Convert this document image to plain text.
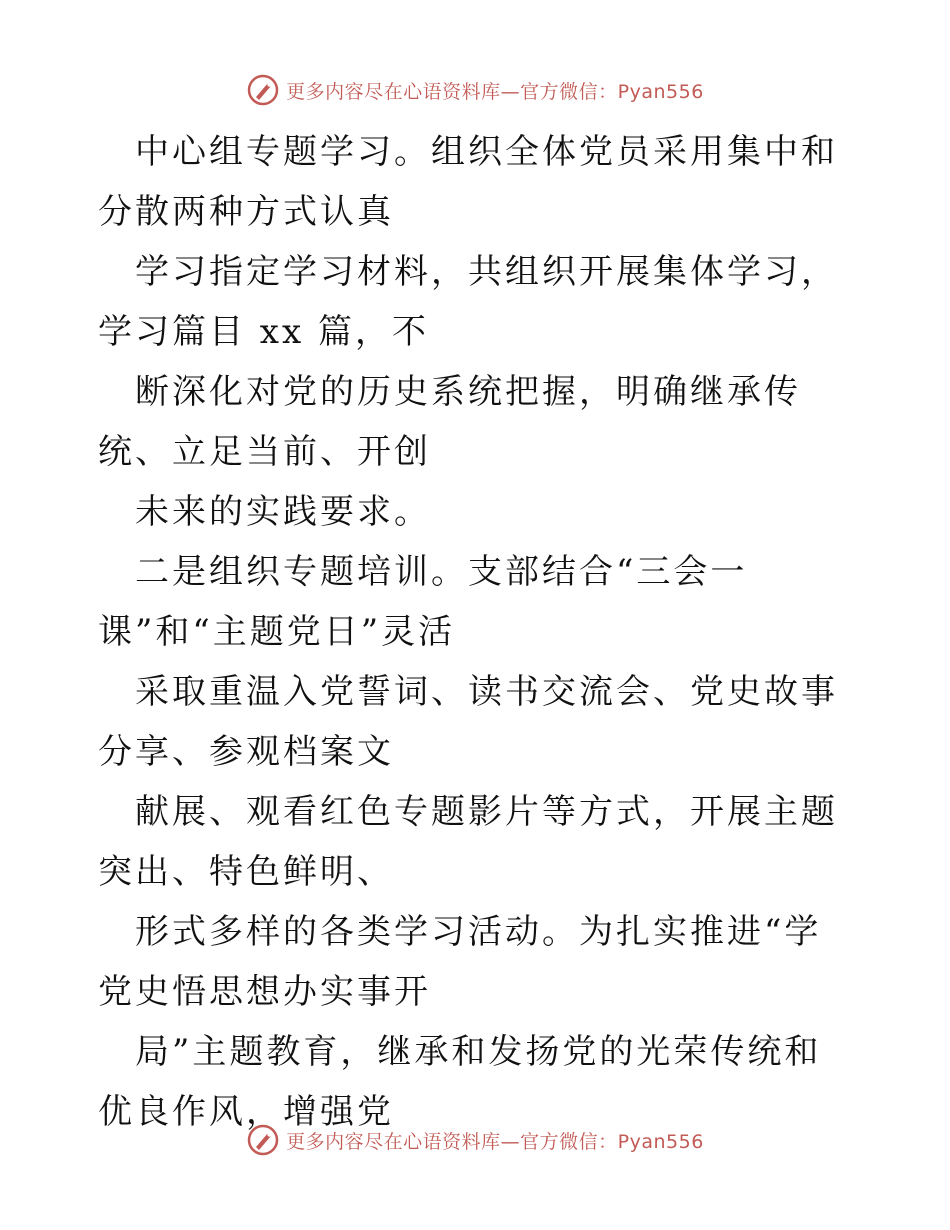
更多内容尽在心语资料库—官方微信：Pyan556

中心组专题学习。组织全体党员采用集中和分散两种方式认真

学习指定学习材料，共组织开展集体学习，学习篇目 xx 篇，不

断深化对党的历史系统把握，明确继承传统、立足当前、开创

未来的实践要求。

二是组织专题培训。支部结合“三会一课”和“主题党日”灵活

采取重温入党誓词、读书交流会、党史故事分享、参观档案文

献展、观看红色专题影片等方式，开展主题突出、特色鲜明、

形式多样的各类学习活动。为扎实推进“学党史悟思想办实事开

局”主题教育，继承和发扬党的光荣传统和优良作风，增强党

更多内容尽在心语资料库—官方微信：Pyan556
